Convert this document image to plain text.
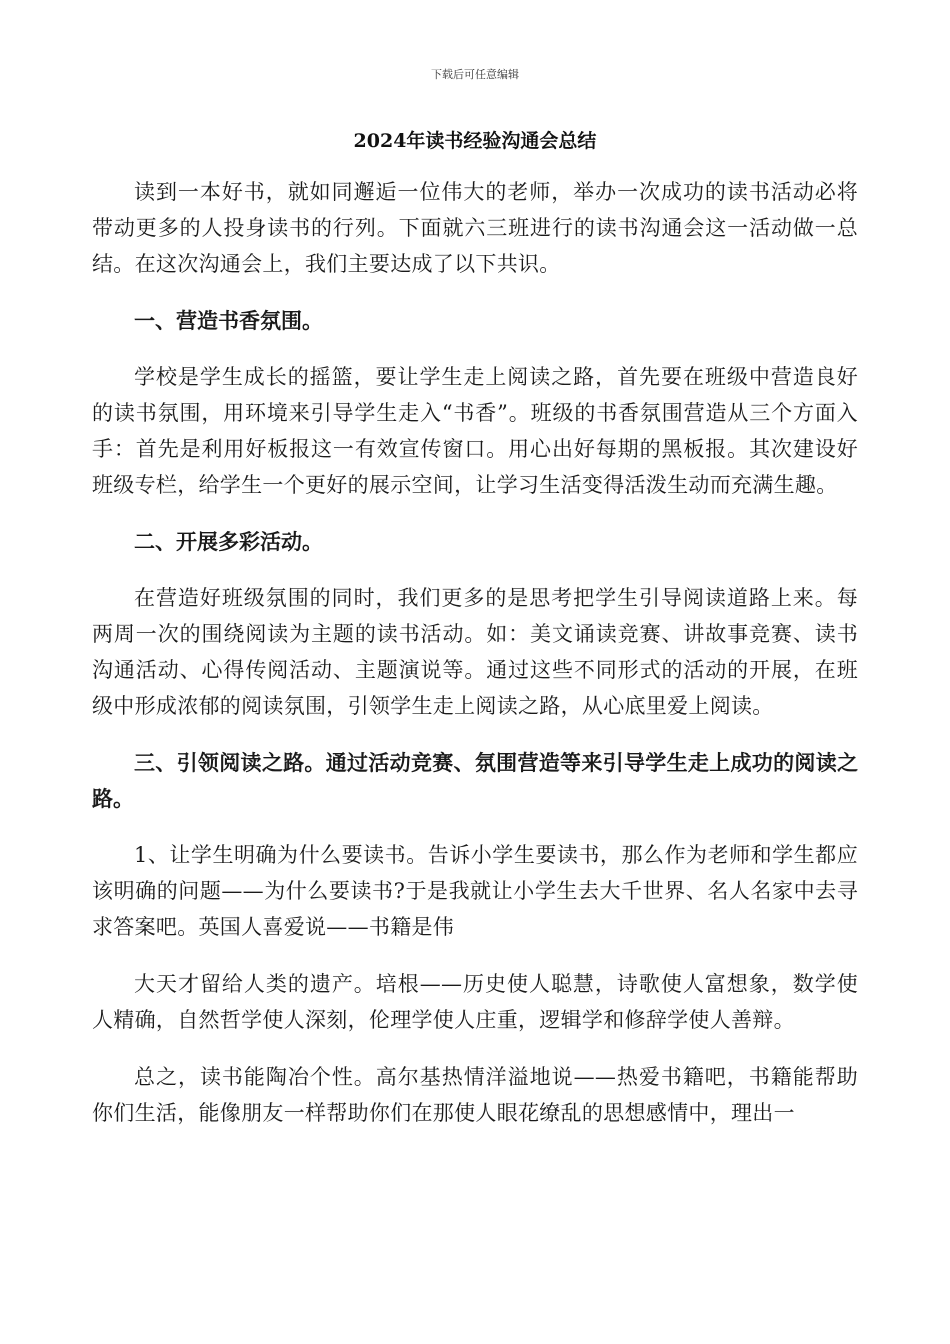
下载后可任意编辑
2024年读书经验沟通会总结

读到一本好书，就如同邂逅一位伟大的老师，举办一次成功的读书活动必将带动更多的人投身读书的行列。下面就六三班进行的读书沟通会这一活动做一总结。在这次沟通会上，我们主要达成了以下共识。

一、营造书香氛围。

学校是学生成长的摇篮，要让学生走上阅读之路，首先要在班级中营造良好的读书氛围，用环境来引导学生走入“书香”。班级的书香氛围营造从三个方面入手：首先是利用好板报这一有效宣传窗口。用心出好每期的黑板报。其次建设好班级专栏，给学生一个更好的展示空间，让学习生活变得活泼生动而充满生趣。

二、开展多彩活动。

在营造好班级氛围的同时，我们更多的是思考把学生引导阅读道路上来。每两周一次的围绕阅读为主题的读书活动。如：美文诵读竞赛、讲故事竞赛、读书沟通活动、心得传阅活动、主题演说等。通过这些不同形式的活动的开展，在班级中形成浓郁的阅读氛围，引领学生走上阅读之路，从心底里爱上阅读。

三、引领阅读之路。通过活动竞赛、氛围营造等来引导学生走上成功的阅读之路。

1、让学生明确为什么要读书。告诉小学生要读书，那么作为老师和学生都应该明确的问题——为什么要读书?于是我就让小学生去大千世界、名人名家中去寻求答案吧。英国人喜爱说——书籍是伟

大天才留给人类的遗产。培根——历史使人聪慧，诗歌使人富想象，数学使人精确，自然哲学使人深刻，伦理学使人庄重，逻辑学和修辞学使人善辩。

总之，读书能陶冶个性。高尔基热情洋溢地说——热爱书籍吧，书籍能帮助你们生活，能像朋友一样帮助你们在那使人眼花缭乱的思想感情中，理出一
